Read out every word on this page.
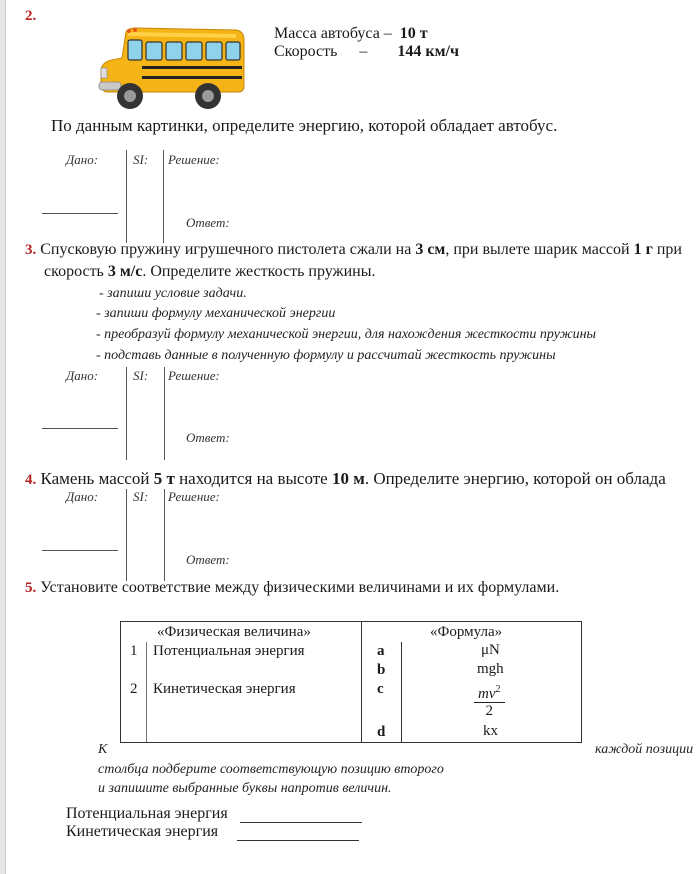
2.
Масса автобуса – 10 т
Скорость – 144 км/ч
По данным картинки, определите энергию, которой обладает автобус.
Дано:	SI: Решение:
Ответ:
3. Спусковую пружину игрушечного пистолета сжали на 3 см, при вылете шарик массой 1 г при
скорость 3 м/с. Определите жесткость пружины.
- запиши условие задачи.
- запиши формулу механической энергии
- преобразуй формулу механической энергии, для нахождения жесткости пружины
- подставь данные в полученную формулу и рассчитай жесткость пружины
Дано:	SI: Решение:
Ответ:
4. Камень массой 5 т находится на высоте 10 м. Определите энергию, которой он облада
Дано:	SI: Решение:
Ответ:
5. Установите соответствие между физическими величинами и их формулами.
«Физическая величина»	«Формула»
1 Потенциальная энергия
2 Кинетическая энергия
a	μN
b	mgh
c	$\frac{mv^2}{2}$
d	kx
К	каждой позиции
столбца подберите соответствующую позицию второго
и запишите выбранные буквы напротив величин.
Потенциальная энергия
Кинетическая энергия
